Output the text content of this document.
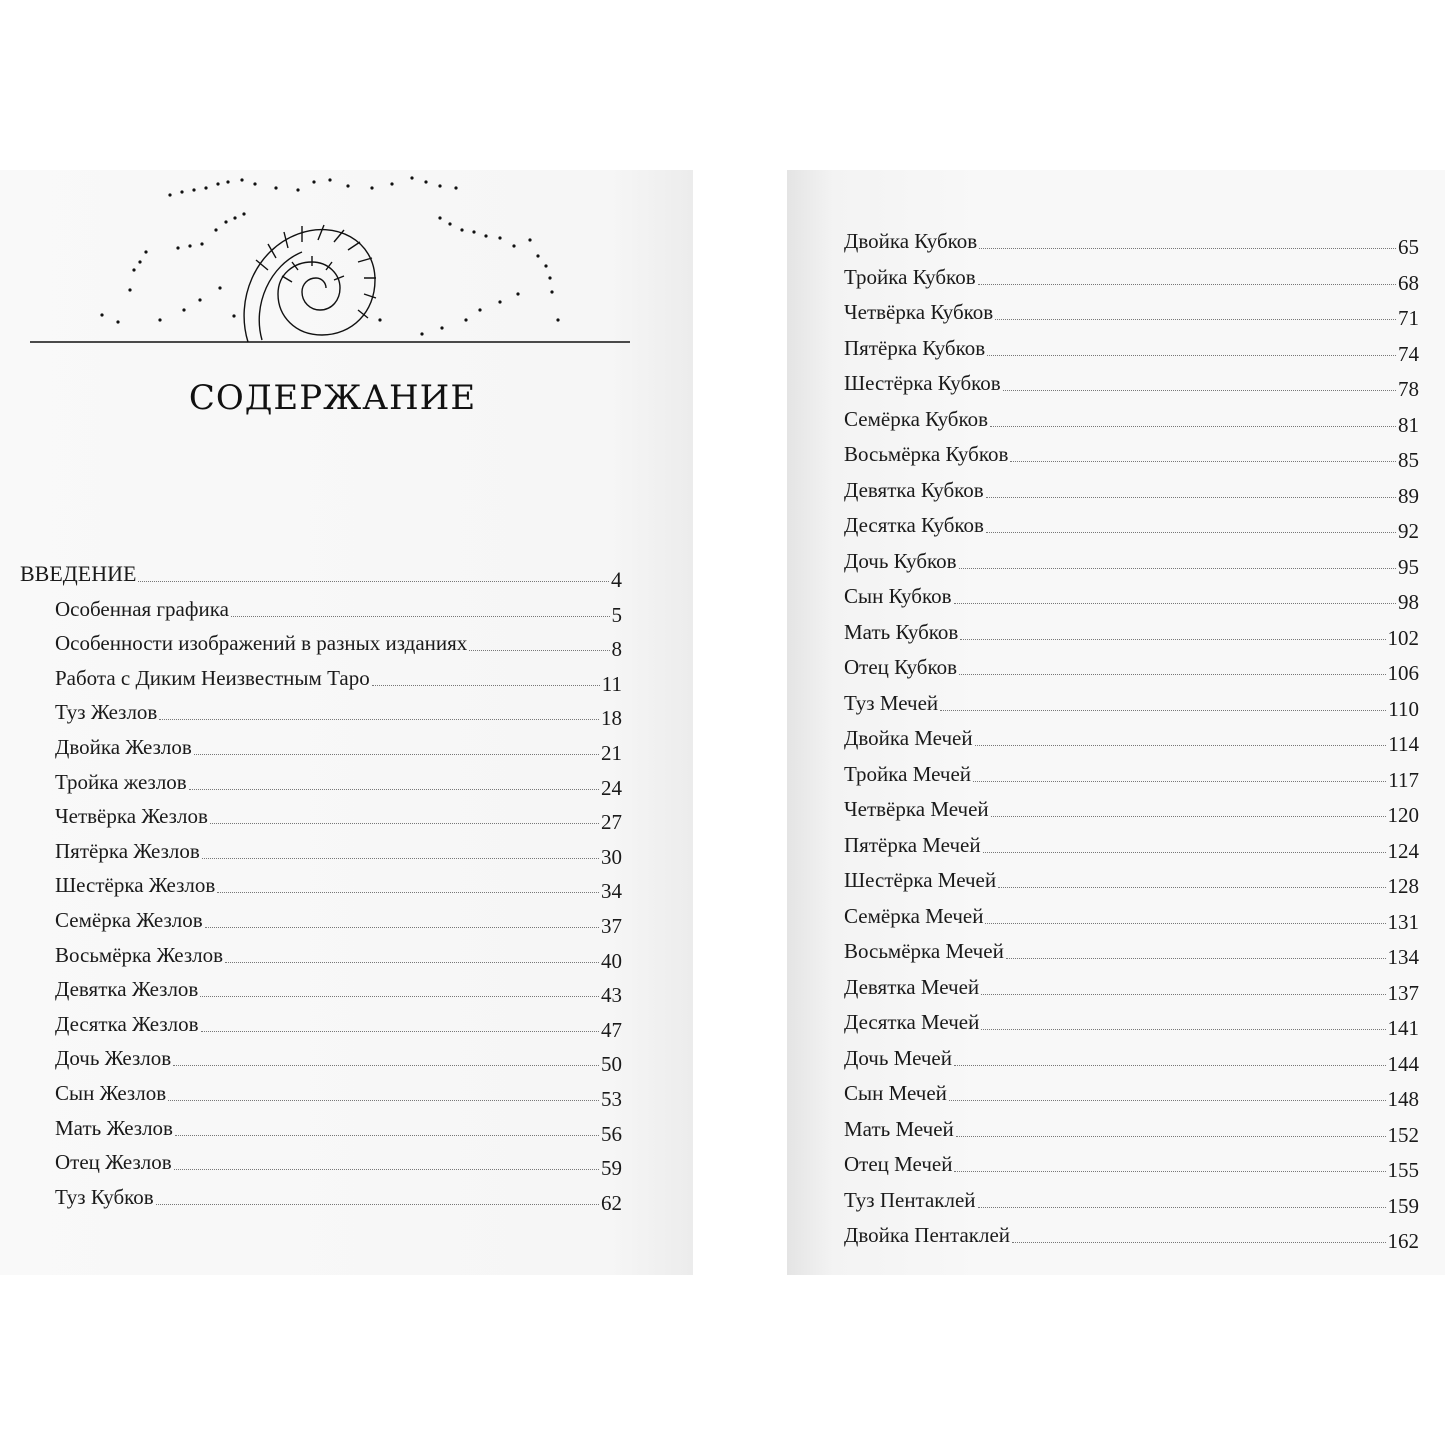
СОДЕРЖАНИЕ
ВВЕДЕНИЕ	4
Особенная графика	5
Особенности изображений в разных изданиях	8
Работа с Диким Неизвестным Таро	11
Туз Жезлов	18
Двойка Жезлов	21
Тройка жезлов	24
Четвёрка Жезлов	27
Пятёрка Жезлов	30
Шестёрка Жезлов	34
Семёрка Жезлов	37
Восьмёрка Жезлов	40
Девятка Жезлов	43
Десятка Жезлов	47
Дочь Жезлов	50
Сын Жезлов	53
Мать Жезлов	56
Отец Жезлов	59
Туз Кубков	62
Двойка Кубков	65
Тройка Кубков	68
Четвёрка Кубков	71
Пятёрка Кубков	74
Шестёрка Кубков	78
Семёрка Кубков	81
Восьмёрка Кубков	85
Девятка Кубков	89
Десятка Кубков	92
Дочь Кубков	95
Сын Кубков	98
Мать Кубков	102
Отец Кубков	106
Туз Мечей	110
Двойка Мечей	114
Тройка Мечей	117
Четвёрка Мечей	120
Пятёрка Мечей	124
Шестёрка Мечей	128
Семёрка Мечей	131
Восьмёрка Мечей	134
Девятка Мечей	137
Десятка Мечей	141
Дочь Мечей	144
Сын Мечей	148
Мать Мечей	152
Отец Мечей	155
Туз Пентаклей	159
Двойка Пентаклей	162
